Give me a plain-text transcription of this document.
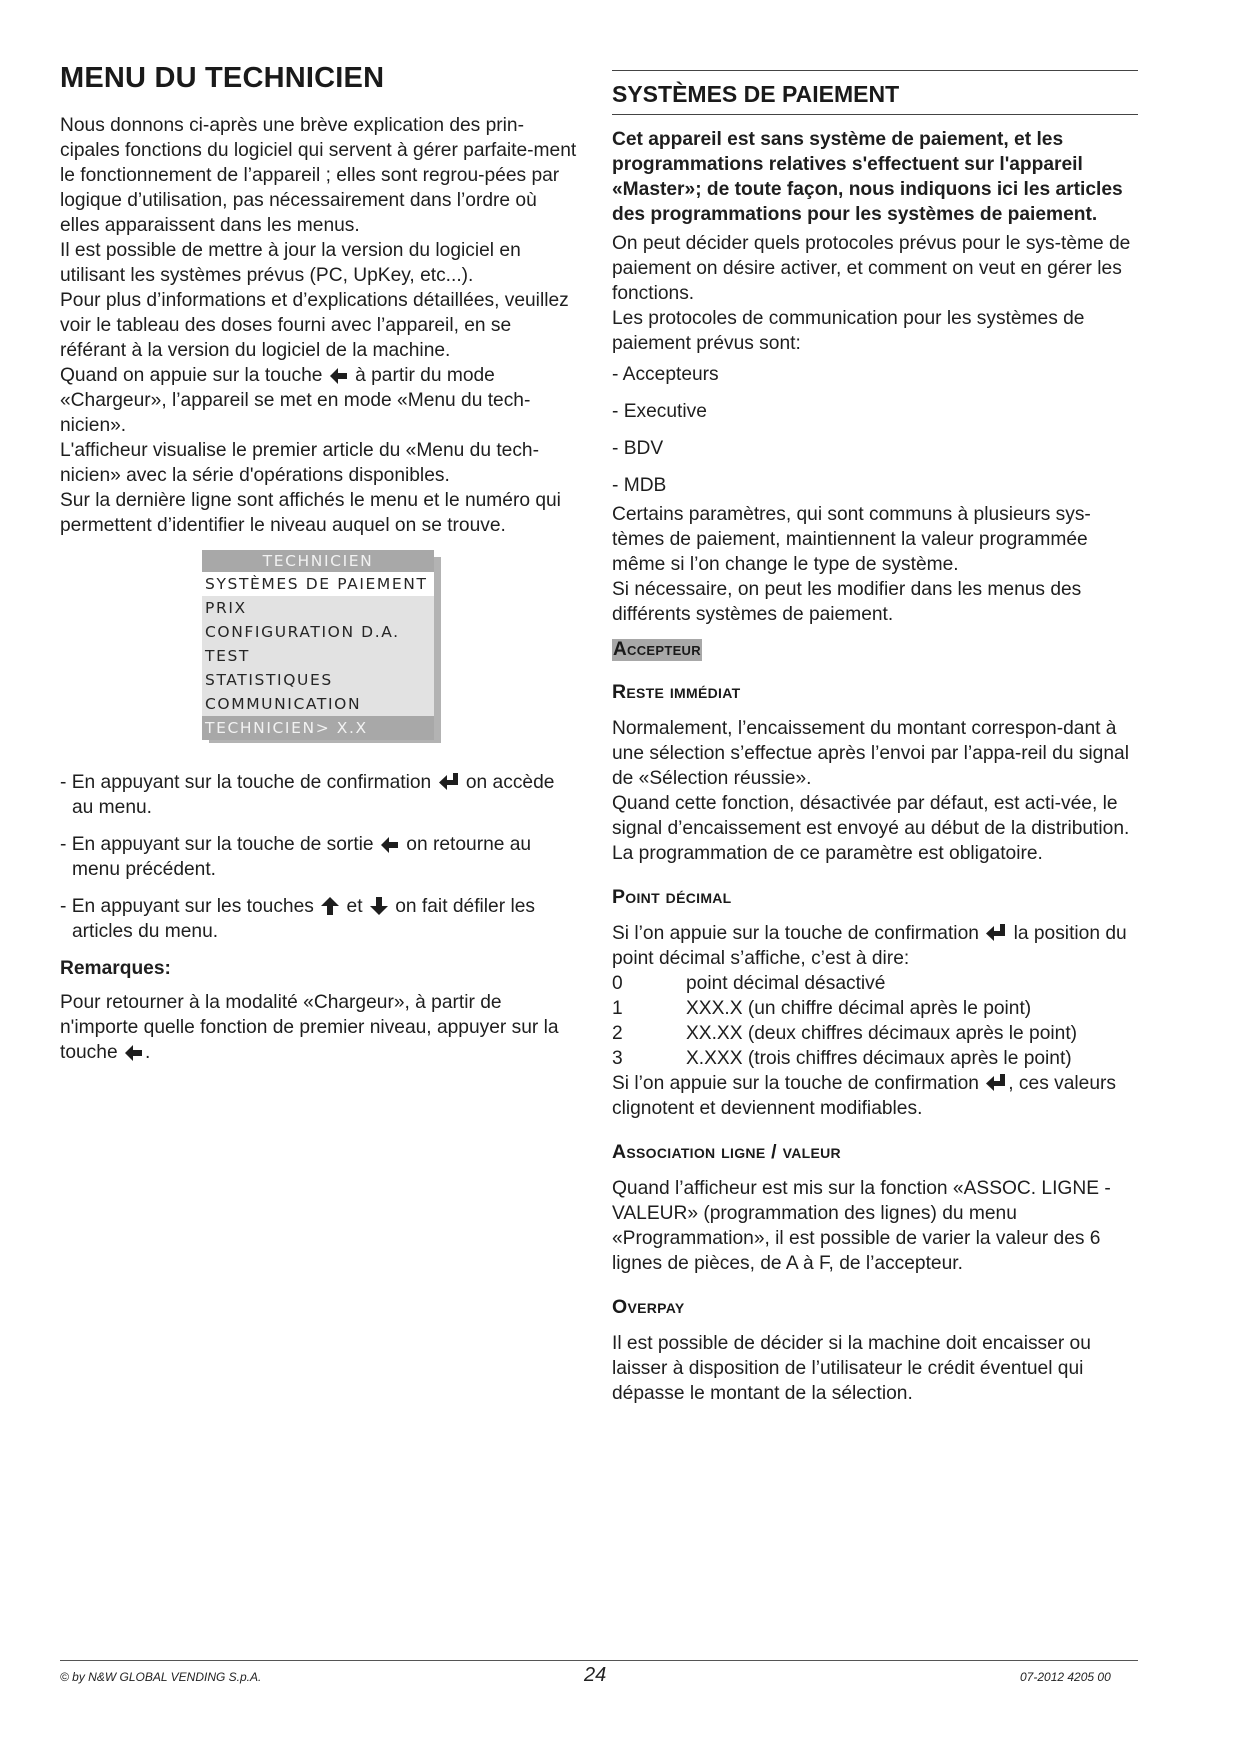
MENU DU TECHNICIEN

Nous donnons ci-après une brève explication des prin-cipales fonctions du logiciel qui servent à gérer parfaite-ment le fonctionnement de l’appareil ; elles sont regrou-pées par logique d’utilisation, pas nécessairement dans l’ordre où elles apparaissent dans les menus.

Il est possible de mettre à jour la version du logiciel en utilisant les systèmes prévus (PC, UpKey, etc...).

Pour plus d’informations et d’explications détaillées, veuillez voir le tableau des doses fourni avec l’appareil, en se référant à la version du logiciel de la machine.

Quand on appuie sur la touche à partir du mode «Chargeur», l’appareil se met en mode «Menu du tech-nicien».

L'afficheur visualise le premier article du «Menu du tech-nicien» avec la série d'opérations disponibles.

Sur la dernière ligne sont affichés le menu et le numéro qui permettent d’identifier le niveau auquel on se trouve.

TECHNICIEN
SYSTÈMES DE PAIEMENT
PRIX
CONFIGURATION D.A.
TEST
STATISTIQUES
COMMUNICATION
TECHNICIEN> X.X
- En appuyant sur la touche de confirmation on accède au menu.
- En appuyant sur la touche de sortie on retourne au menu précédent.
- En appuyant sur les touches et on fait défiler les articles du menu.
Remarques:

Pour retourner à la modalité «Chargeur», à partir de n'importe quelle fonction de premier niveau, appuyer sur la touche .

SYSTÈMES DE PAIEMENT

Cet appareil est sans système de paiement, et les programmations relatives s'effectuent sur l'appareil «Master»; de toute façon, nous indiquons ici les articles des programmations pour les systèmes de paiement.

On peut décider quels protocoles prévus pour le sys-tème de paiement on désire activer, et comment on veut en gérer les fonctions.

Les protocoles de communication pour les systèmes de paiement prévus sont:

- Accepteurs
- Executive
- BDV
- MDB

Certains paramètres, qui sont communs à plusieurs sys-tèmes de paiement, maintiennent la valeur programmée même si l’on change le type de système.

Si nécessaire, on peut les modifier dans les menus des différents systèmes de paiement.

Accepteur
Reste immédiat

Normalement, l’encaissement du montant correspon-dant à une sélection s’effectue après l’envoi par l’appa-reil du signal de «Sélection réussie».

Quand cette fonction, désactivée par défaut, est acti-vée, le signal d’encaissement est envoyé au début de la distribution.

La programmation de ce paramètre est obligatoire.

Point décimal

Si l’on appuie sur la touche de confirmation la position du point décimal s’affiche, c’est à dire:

0	point décimal désactivé
1	XXX.X (un chiffre décimal après le point)
2	XX.XX (deux chiffres décimaux après le point)
3	X.XXX (trois chiffres décimaux après le point)

Si l’on appuie sur la touche de confirmation , ces valeurs clignotent et deviennent modifiables.

Association ligne / valeur

Quand l’afficheur est mis sur la fonction «ASSOC. LIGNE - VALEUR» (programmation des lignes) du menu «Programmation», il est possible de varier la valeur des 6 lignes de pièces, de A à F, de l’accepteur.

Overpay

Il est possible de décider si la machine doit encaisser ou laisser à disposition de l’utilisateur le crédit éventuel qui dépasse le montant de la sélection.

© by N&W GLOBAL VENDING S.p.A.	24	07-2012 4205 00
